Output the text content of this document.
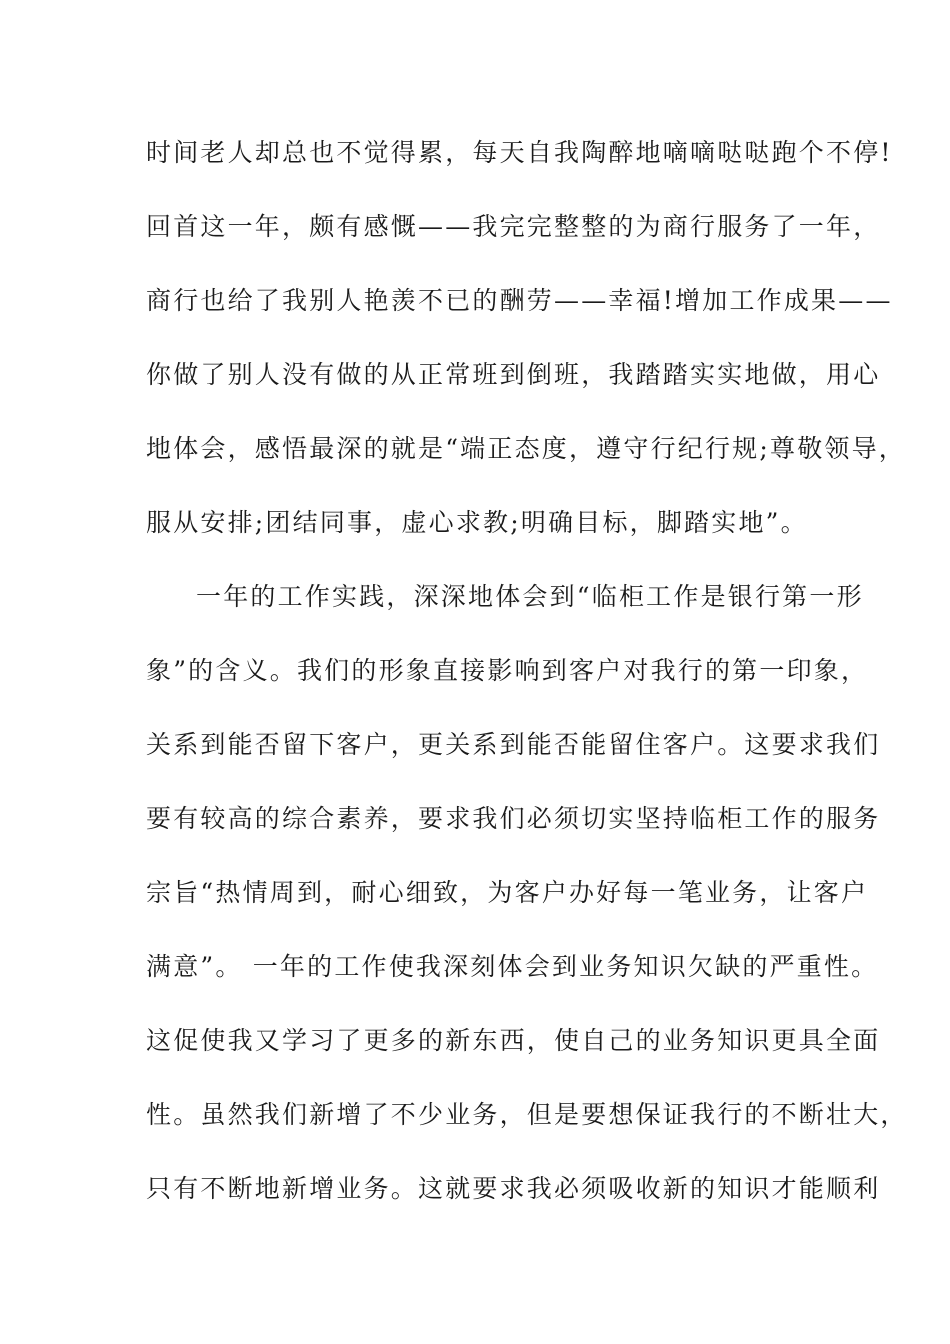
时间老人却总也不觉得累，每天自我陶醉地嘀嘀哒哒跑个不停!
回首这一年，颇有感慨——我完完整整的为商行服务了一年，
商行也给了我别人艳羡不已的酬劳——幸福!增加工作成果——
你做了别人没有做的从正常班到倒班，我踏踏实实地做，用心
地体会，感悟最深的就是“端正态度，遵守行纪行规;尊敬领导，
服从安排;团结同事，虚心求教;明确目标，脚踏实地”。
一年的工作实践，深深地体会到“临柜工作是银行第一形
象”的含义。我们的形象直接影响到客户对我行的第一印象，
关系到能否留下客户，更关系到能否能留住客户。这要求我们
要有较高的综合素养，要求我们必须切实坚持临柜工作的服务
宗旨“热情周到，耐心细致，为客户办好每一笔业务，让客户
满意”。 一年的工作使我深刻体会到业务知识欠缺的严重性。
这促使我又学习了更多的新东西，使自己的业务知识更具全面
性。虽然我们新增了不少业务，但是要想保证我行的不断壮大，
只有不断地新增业务。这就要求我必须吸收新的知识才能顺利
